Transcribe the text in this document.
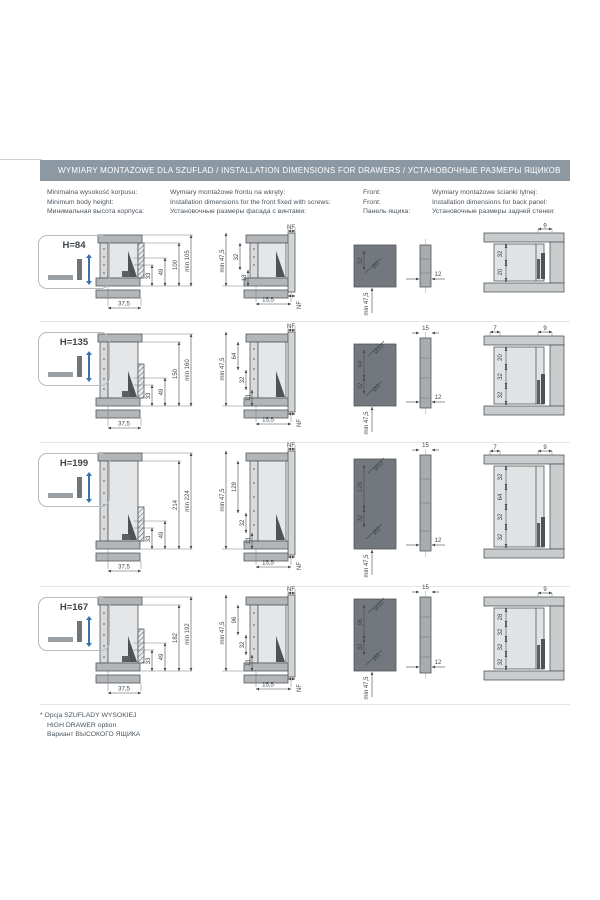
WYMIARY MONTAŻOWE DLA SZUFLAD / INSTALLATION DIMENSIONS FOR DRAWERS / УСТАНОВОЧНЫЕ РАЗМЕРЫ ЯЩИКОВ
Minimalna wysokość korpusu:
Minimum body height:
Минимальная высота корпуса:
Wymiary montażowe frontu na wkręty:
Installation dimensions for the front fixed with screws:
Установочные размеры фасада с винтами:
Front:
Front:
Панель ящика:
Wymiary montażowe ścianki tylnej:
Installation dimensions for back panel:
Установочные размеры задней стенки:
H=84
33
49
100 min 105
37,5
NF
min 47,5 32
13
15,5
NF
32 Ø2
min 47,5
12
9
32
20
H=135
33
49
150 min 160
37,5
NF
min 47,5
64
32
13
15,5	NF
64
32
Ø10
Ø2
min 47,5
15
12
7	9
20
32
32
H=199
33
49
214 min 224
37,5
NF
min 47,5
128
32
13
15,5	NF
128
32
Ø10
Ø2
min 47,5
15
12
7	9
32
64
32
32
H=167
33
49
182 min 192
37,5
NF
min 47,5
96
32
13
15,5	NF
96
32
Ø10
Ø2
min 47,5
15
12
9
28
32
32
32
* Opcja SZUFLADY WYSOKIEJ
HIGH DRAWER option
Вариант ВЫСОКОГО ЯЩИКА
